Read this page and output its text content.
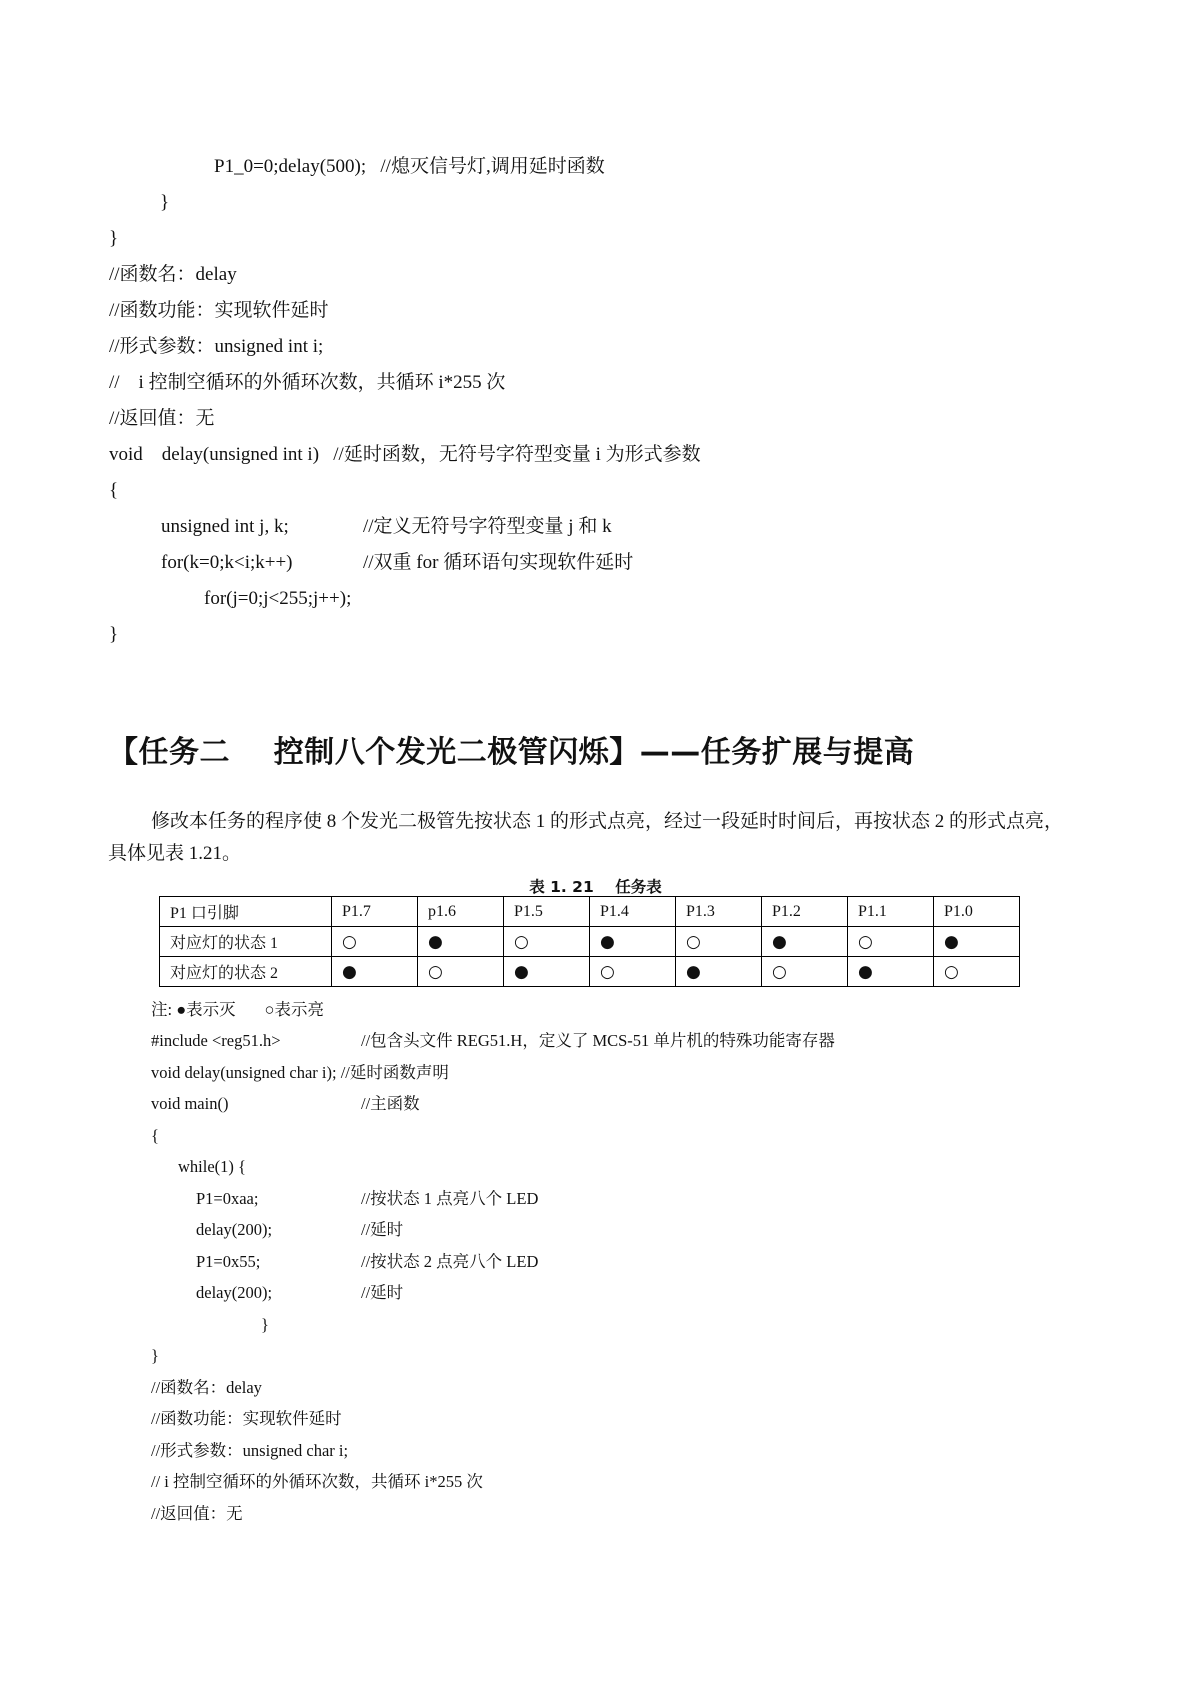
P1_0=0;delay(500);   //熄灭信号灯,调用延时函数
}
}
//函数名：delay
//函数功能：实现软件延时
//形式参数：unsigned int i;
//    i 控制空循环的外循环次数，共循环 i*255 次
//返回值：无
void    delay(unsigned int i)   //延时函数，无符号字符型变量 i 为形式参数
{
unsigned int j, k;	//定义无符号字符型变量 j 和 k
for(k=0;k<i;k++)	//双重 for 循环语句实现软件延时
for(j=0;j<255;j++);
}
【任务二    控制八个发光二极管闪烁】——任务扩展与提高
修改本任务的程序使 8 个发光二极管先按状态 1 的形式点亮，经过一段延时时间后，再按状态 2 的形式点亮，具体见表 1.21。
表 1. 21    任务表
P1 口引脚	P1.7	p1.6	P1.5	P1.4	P1.3	P1.2	P1.1	P1.0
对应灯的状态 1	○	●	○	●	○	●	○	●
对应灯的状态 2	●	○	●	○	●	○	●	○
注: ●表示灭       ○表示亮
#include <reg51.h>	//包含头文件 REG51.H，定义了 MCS-51 单片机的特殊功能寄存器
void delay(unsigned char i); //延时函数声明
void main()	//主函数
{
while(1) {
P1=0xaa;	//按状态 1 点亮八个 LED
delay(200);	//延时
P1=0x55;	//按状态 2 点亮八个 LED
delay(200);	//延时
}
}
//函数名：delay
//函数功能：实现软件延时
//形式参数：unsigned char i;
// i 控制空循环的外循环次数，共循环 i*255 次
//返回值：无
